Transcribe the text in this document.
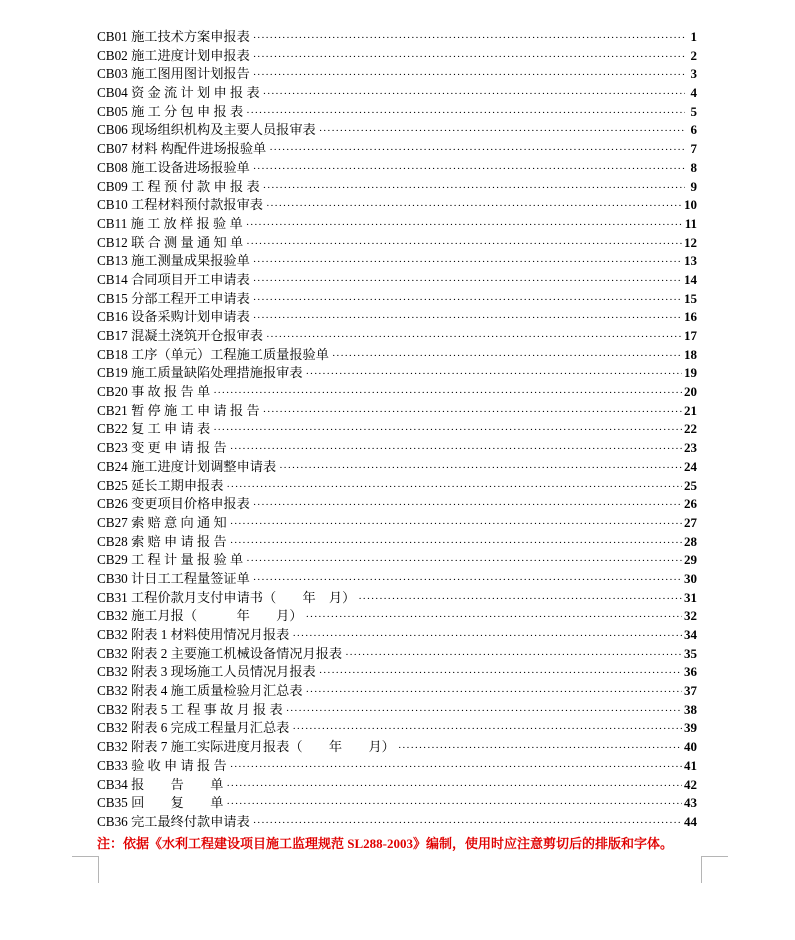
CB01 施工技术方案申报表 ·····	1
CB02 施工进度计划申报表 ·····	2
CB03 施工图用图计划报告 ·····	3
CB04 资 金 流 计 划 申 报 表 ·····	4
CB05 施 工 分 包 申 报 表 ·····	5
CB06 现场组织机构及主要人员报审表 ·····	6
CB07 材料 构配件进场报验单 ·····	7
CB08 施工设备进场报验单 ·····	8
CB09 工 程 预 付 款 申 报 表 ·····	9
CB10 工程材料预付款报审表 ·····	10
CB11 施 工 放 样 报 验 单 ·····	11
CB12 联 合 测 量 通 知 单 ·····	12
CB13 施工测量成果报验单 ·····	13
CB14 合同项目开工申请表 ·····	14
CB15 分部工程开工申请表 ·····	15
CB16 设备采购计划申请表 ·····	16
CB17 混凝土浇筑开仓报审表 ·····	17
CB18 工序（单元）工程施工质量报验单 ·····	18
CB19 施工质量缺陷处理措施报审表 ·····	19
CB20 事 故 报 告 单 ·····	20
CB21 暂 停 施 工 申 请 报 告 ·····	21
CB22 复 工 申 请 表 ·····	22
CB23 变 更 申 请 报 告 ·····	23
CB24 施工进度计划调整申请表 ·····	24
CB25 延长工期申报表 ·····	25
CB26 变更项目价格申报表 ·····	26
CB27 索 赔 意 向 通 知 ·····	27
CB28 索 赔 申 请 报 告 ·····	28
CB29 工 程 计 量 报 验 单 ·····	29
CB30 计日工工程量签证单 ·····	30
CB31 工程价款月支付申请书（　　年　月） ·····	31
CB32 施工月报（　　　年　　月） ·····	32
CB32 附表 1 材料使用情况月报表 ·····	34
CB32 附表 2 主要施工机械设备情况月报表 ·····	35
CB32 附表 3 现场施工人员情况月报表 ·····	36
CB32 附表 4 施工质量检验月汇总表 ·····	37
CB32 附表 5 工 程 事 故 月 报 表 ·····	38
CB32 附表 6 完成工程量月汇总表 ·····	39
CB32 附表 7 施工实际进度月报表（　　年　　月） ·····	40
CB33 验 收 申 请 报 告 ·····	41
CB34 报　　告　　单 ·····	42
CB35 回　　复　　单 ·····	43
CB36 完工最终付款申请表 ·····	44
注：依据《水利工程建设项目施工监理规范 SL288-2003》编制，使用时应注意剪切后的排版和字体。
